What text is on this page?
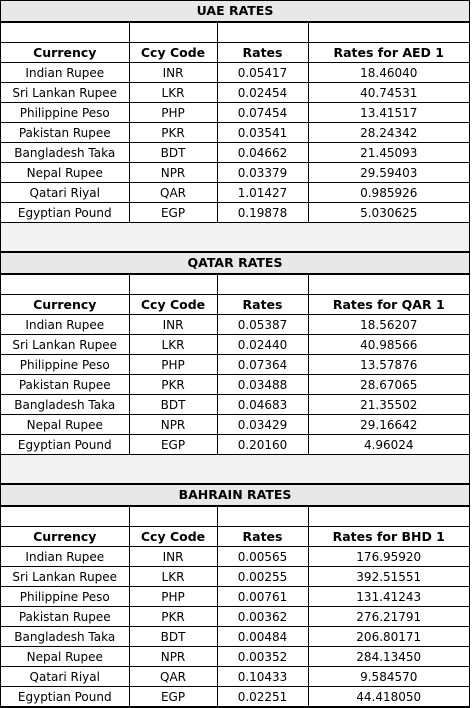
UAE RATES

Currency	Ccy Code	Rates	Rates for AED 1
Indian Rupee	INR	0.05417	18.46040
Sri Lankan Rupee	LKR	0.02454	40.74531
Philippine Peso	PHP	0.07454	13.41517
Pakistan Rupee	PKR	0.03541	28.24342
Bangladesh Taka	BDT	0.04662	21.45093
Nepal Rupee	NPR	0.03379	29.59403
Qatari Riyal	QAR	1.01427	0.985926
Egyptian Pound	EGP	0.19878	5.030625
QATAR RATES

Currency	Ccy Code	Rates	Rates for QAR 1
Indian Rupee	INR	0.05387	18.56207
Sri Lankan Rupee	LKR	0.02440	40.98566
Philippine Peso	PHP	0.07364	13.57876
Pakistan Rupee	PKR	0.03488	28.67065
Bangladesh Taka	BDT	0.04683	21.35502
Nepal Rupee	NPR	0.03429	29.16642
Egyptian Pound	EGP	0.20160	4.96024
BAHRAIN RATES

Currency	Ccy Code	Rates	Rates for BHD 1
Indian Rupee	INR	0.00565	176.95920
Sri Lankan Rupee	LKR	0.00255	392.51551
Philippine Peso	PHP	0.00761	131.41243
Pakistan Rupee	PKR	0.00362	276.21791
Bangladesh Taka	BDT	0.00484	206.80171
Nepal Rupee	NPR	0.00352	284.13450
Qatari Riyal	QAR	0.10433	9.584570
Egyptian Pound	EGP	0.02251	44.418050
